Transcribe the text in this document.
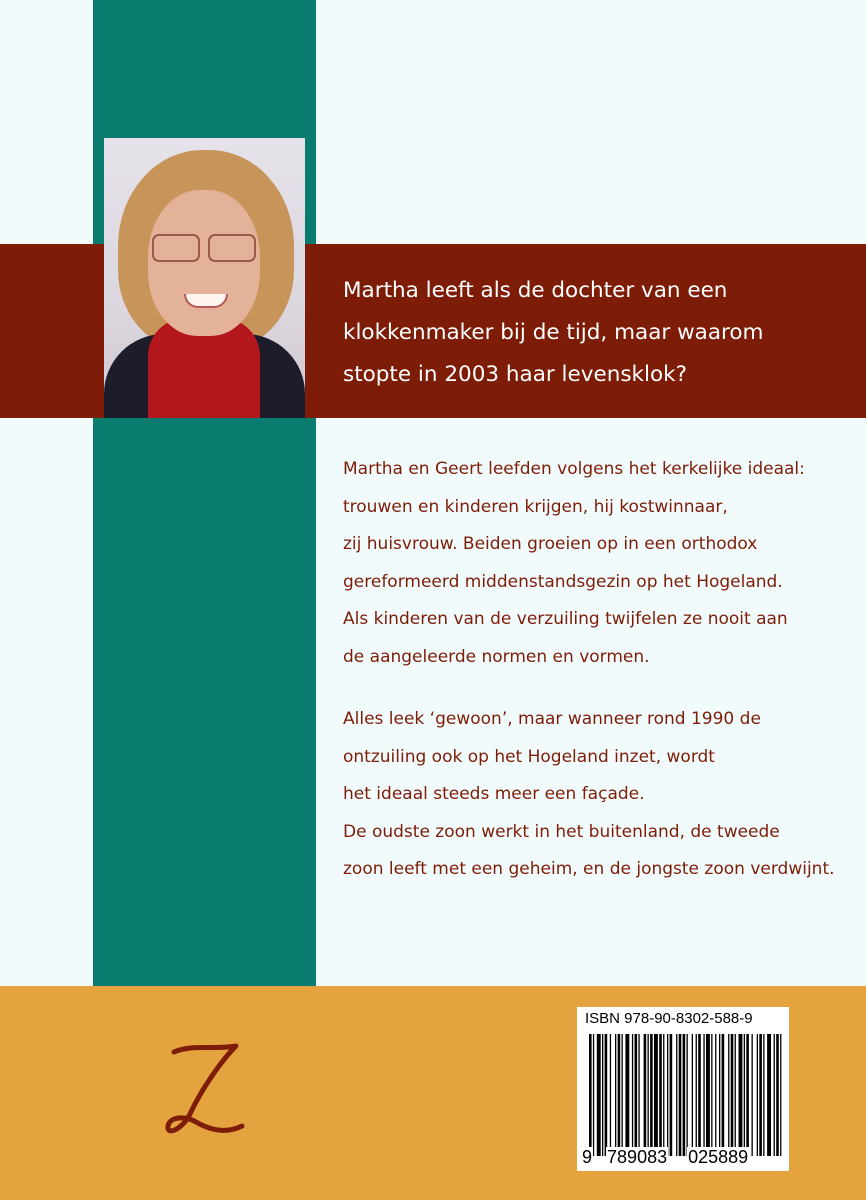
Martha leeft als de dochter van een
klokkenmaker bij de tijd, maar waarom
stopte in 2003 haar levensklok?

Martha en Geert leefden volgens het kerkelijke ideaal:
trouwen en kinderen krijgen, hij kostwinnaar,
zij huisvrouw. Beiden groeien op in een orthodox
gereformeerd middenstandsgezin op het Hogeland.
Als kinderen van de verzuiling twijfelen ze nooit aan
de aangeleerde normen en vormen.

Alles leek ‘gewoon’, maar wanneer rond 1990 de
ontzuiling ook op het Hogeland inzet, wordt
het ideaal steeds meer een façade.
De oudste zoon werkt in het buitenland, de tweede
zoon leeft met een geheim, en de jongste zoon verdwijnt.

ISBN 978-90-8302-588-9
9 789083 025889
